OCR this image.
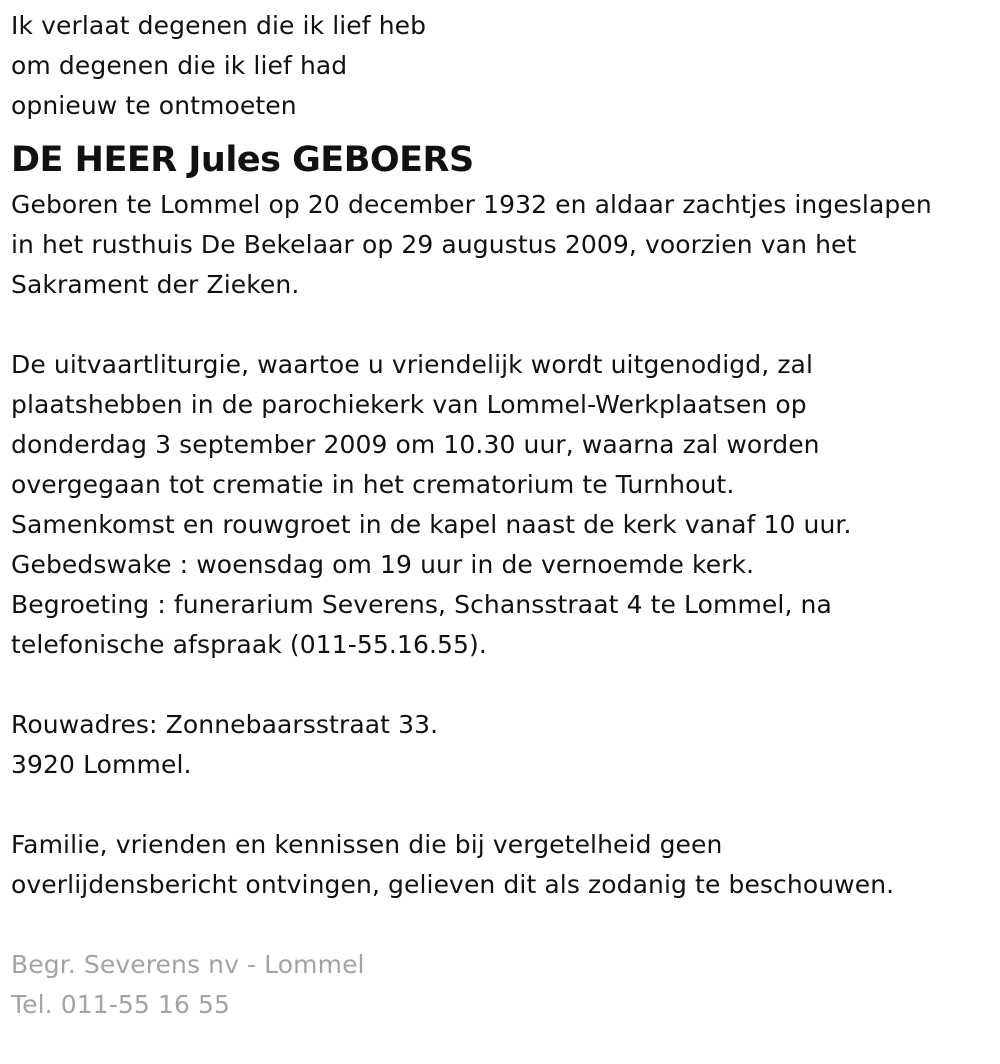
Ik verlaat degenen die ik lief heb
om degenen die ik lief had
opnieuw te ontmoeten
DE HEER Jules GEBOERS
Geboren te Lommel op 20 december 1932 en aldaar zachtjes ingeslapen
in het rusthuis De Bekelaar op 29 augustus 2009, voorzien van het
Sakrament der Zieken.
De uitvaartliturgie, waartoe u vriendelijk wordt uitgenodigd, zal
plaatshebben in de parochiekerk van Lommel-Werkplaatsen op
donderdag 3 september 2009 om 10.30 uur, waarna zal worden
overgegaan tot crematie in het crematorium te Turnhout.
Samenkomst en rouwgroet in de kapel naast de kerk vanaf 10 uur.
Gebedswake : woensdag om 19 uur in de vernoemde kerk.
Begroeting : funerarium Severens, Schansstraat 4 te Lommel, na
telefonische afspraak (011-55.16.55).
Rouwadres: Zonnebaarsstraat 33.
3920 Lommel.
Familie, vrienden en kennissen die bij vergetelheid geen
overlijdensbericht ontvingen, gelieven dit als zodanig te beschouwen.
Begr. Severens nv - Lommel
Tel. 011-55 16 55
